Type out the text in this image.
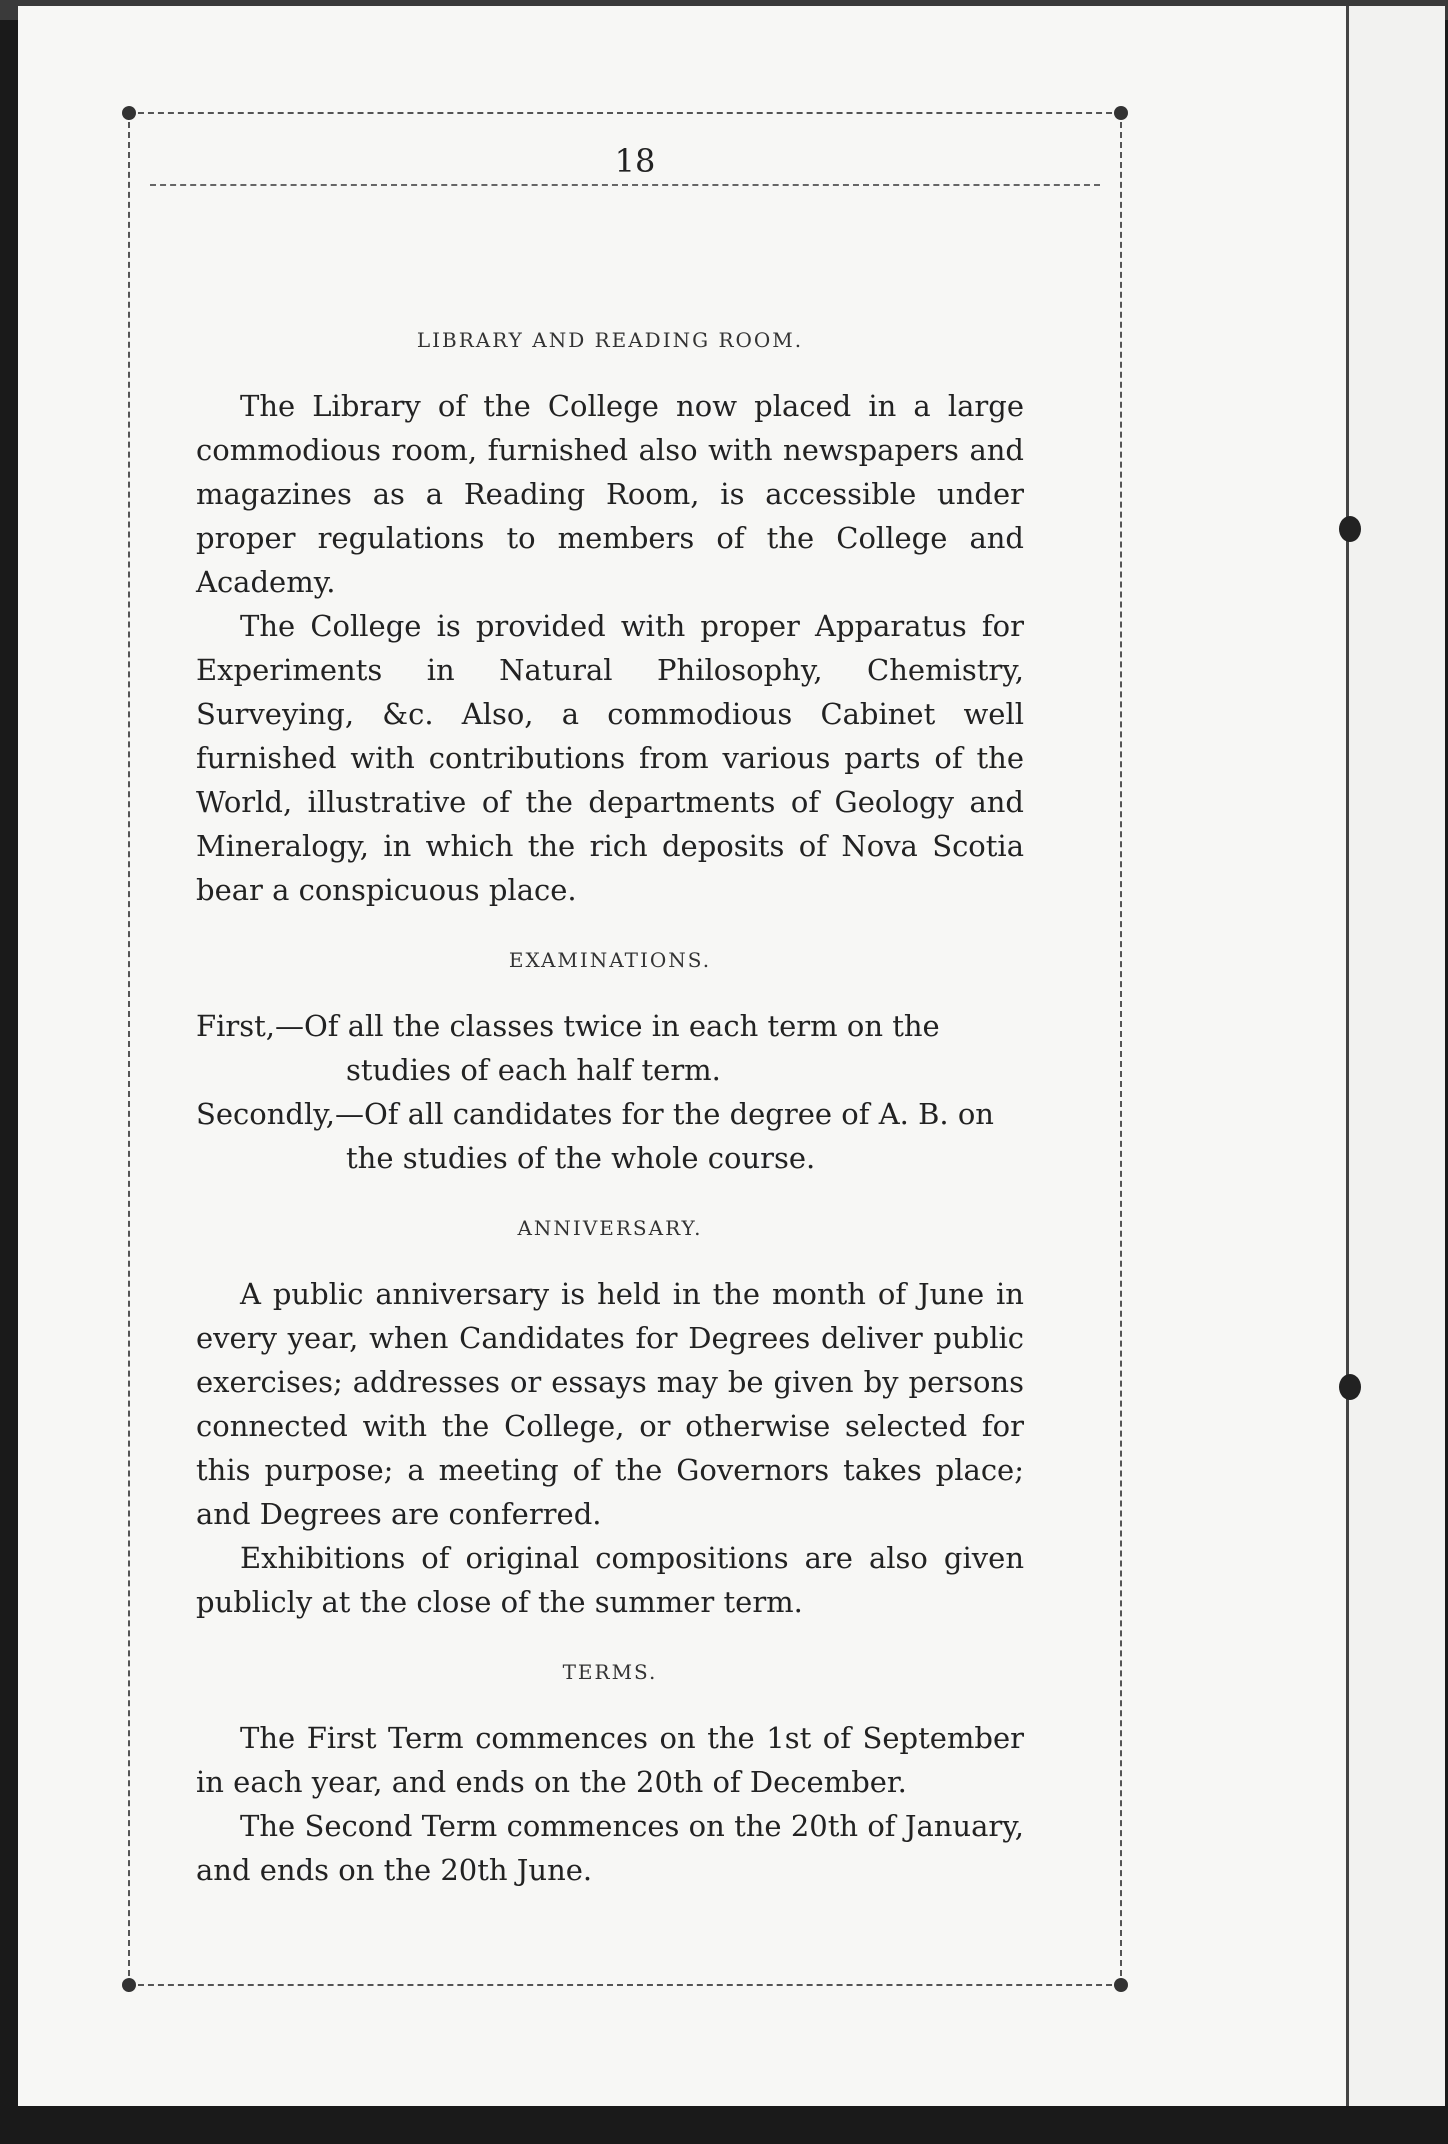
18
LIBRARY AND READING ROOM.

The Library of the College now placed in a large commodious room, furnished also with newspapers and magazines as a Reading Room, is accessible under proper regulations to members of the College and Academy.

The College is provided with proper Apparatus for Experiments in Natural Philosophy, Chemistry, Surveying, &c. Also, a commodious Cabinet well furnished with contributions from various parts of the World, illustrative of the departments of Geology and Mineralogy, in which the rich deposits of Nova Scotia bear a conspicuous place.

EXAMINATIONS.

First,—Of all the classes twice in each term on the studies of each half term.

Secondly,—Of all candidates for the degree of A. B. on the studies of the whole course.

ANNIVERSARY.

A public anniversary is held in the month of June in every year, when Candidates for Degrees deliver public exercises; addresses or essays may be given by persons connected with the College, or otherwise selected for this purpose; a meeting of the Governors takes place; and Degrees are conferred.

Exhibitions of original compositions are also given publicly at the close of the summer term.

TERMS.

The First Term commences on the 1st of September in each year, and ends on the 20th of December.

The Second Term commences on the 20th of January, and ends on the 20th June.
